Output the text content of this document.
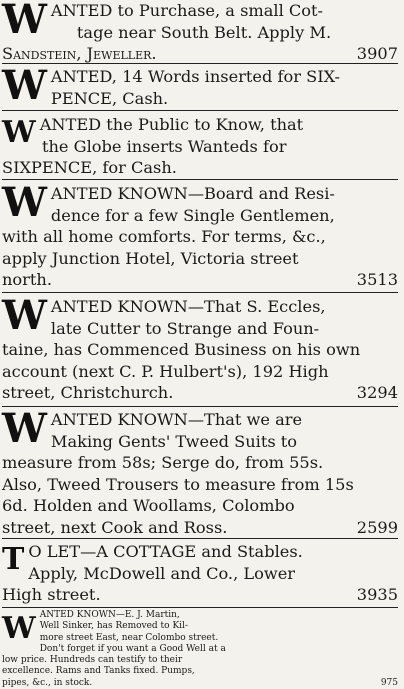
W ANTED to Purchase, a small Cot-
tage near South Belt. Apply M.
Sandstein, Jeweller.	3907
W ANTED, 14 Words inserted for SIX-
PENCE, Cash.
W ANTED the Public to Know, that
the Globe inserts Wanteds for
SIXPENCE, for Cash.
W ANTED KNOWN—Board and Resi-
dence for a few Single Gentlemen,
with all home comforts. For terms, &c.,
apply Junction Hotel, Victoria street
north.	3513
W ANTED KNOWN—That S. Eccles,
late Cutter to Strange and Foun-
taine, has Commenced Business on his own
account (next C. P. Hulbert's), 192 High
street, Christchurch.	3294
W ANTED KNOWN—That we are
Making Gents' Tweed Suits to
measure from 58s; Serge do, from 55s.
Also, Tweed Trousers to measure from 15s
6d. Holden and Woollams, Colombo
street, next Cook and Ross.	2599
T O LET—A COTTAGE and Stables.
Apply, McDowell and Co., Lower
High street.	3935
W ANTED KNOWN—E. J. Martin,
Well Sinker, has Removed to Kil-
more street East, near Colombo street.
Don't forget if you want a Good Well at a
low price. Hundreds can testify to their
excellence. Rams and Tanks fixed. Pumps,
pipes, &c., in stock.	975
